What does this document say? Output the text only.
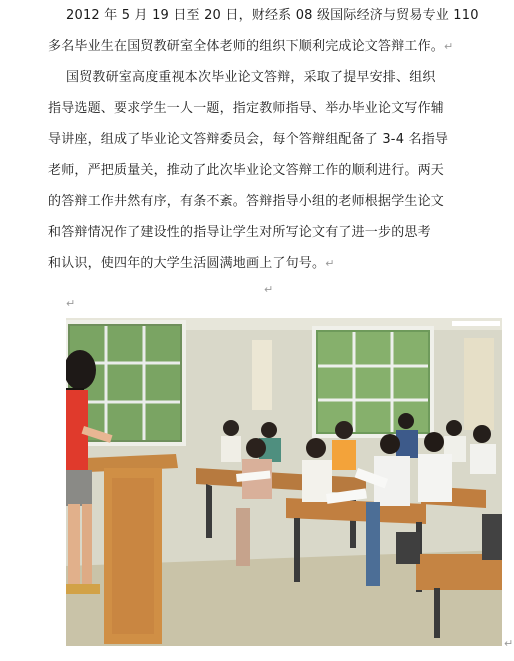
2012 年 5 月 19 日至 20 日，财经系 08 级国际经济与贸易专业 110
多名毕业生在国贸教研室全体老师的组织下顺利完成论文答辩工作。↵
国贸教研室高度重视本次毕业论文答辩，采取了提早安排、组织
指导选题、要求学生一人一题，指定教师指导、举办毕业论文写作辅
导讲座，组成了毕业论文答辩委员会，每个答辩组配备了 3-4 名指导
老师，严把质量关，推动了此次毕业论文答辩工作的顺利进行。两天
的答辩工作井然有序，有条不紊。答辩指导小组的老师根据学生论文
和答辩情况作了建设性的指导让学生对所写论文有了进一步的思考
和认识，使四年的大学生活圆满地画上了句号。↵
↵
↵
↵
